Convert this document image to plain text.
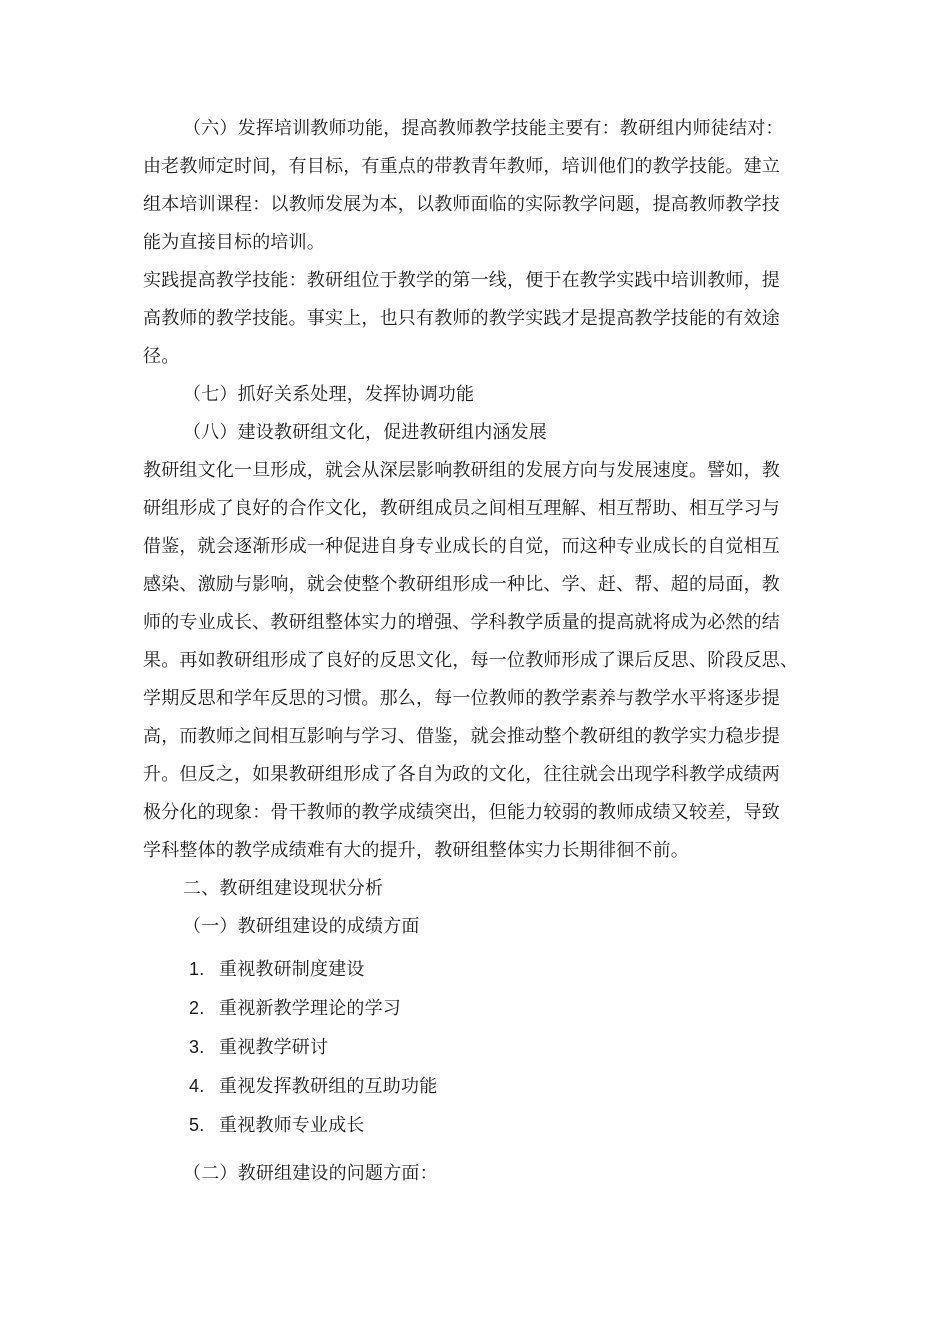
（六）发挥培训教师功能，提高教师教学技能主要有：教研组内师徒结对：
由老教师定时间，有目标，有重点的带教青年教师，培训他们的教学技能。建立
组本培训课程：以教师发展为本，以教师面临的实际教学问题，提高教师教学技
能为直接目标的培训。
实践提高教学技能：教研组位于教学的第一线，便于在教学实践中培训教师，提
高教师的教学技能。事实上，也只有教师的教学实践才是提高教学技能的有效途
径。
（七）抓好关系处理，发挥协调功能
（八）建设教研组文化，促进教研组内涵发展
教研组文化一旦形成，就会从深层影响教研组的发展方向与发展速度。譬如，教
研组形成了良好的合作文化，教研组成员之间相互理解、相互帮助、相互学习与
借鉴，就会逐渐形成一种促进自身专业成长的自觉，而这种专业成长的自觉相互
感染、激励与影响，就会使整个教研组形成一种比、学、赶、帮、超的局面，教
师的专业成长、教研组整体实力的增强、学科教学质量的提高就将成为必然的结
果。再如教研组形成了良好的反思文化，每一位教师形成了课后反思、阶段反思、
学期反思和学年反思的习惯。那么，每一位教师的教学素养与教学水平将逐步提
高，而教师之间相互影响与学习、借鉴，就会推动整个教研组的教学实力稳步提
升。但反之，如果教研组形成了各自为政的文化，往往就会出现学科教学成绩两
极分化的现象：骨干教师的教学成绩突出，但能力较弱的教师成绩又较差，导致
学科整体的教学成绩难有大的提升，教研组整体实力长期徘徊不前。
二、教研组建设现状分析
（一）教研组建设的成绩方面
1. 重视教研制度建设
2. 重视新教学理论的学习
3. 重视教学研讨
4. 重视发挥教研组的互助功能
5. 重视教师专业成长
（二）教研组建设的问题方面：
